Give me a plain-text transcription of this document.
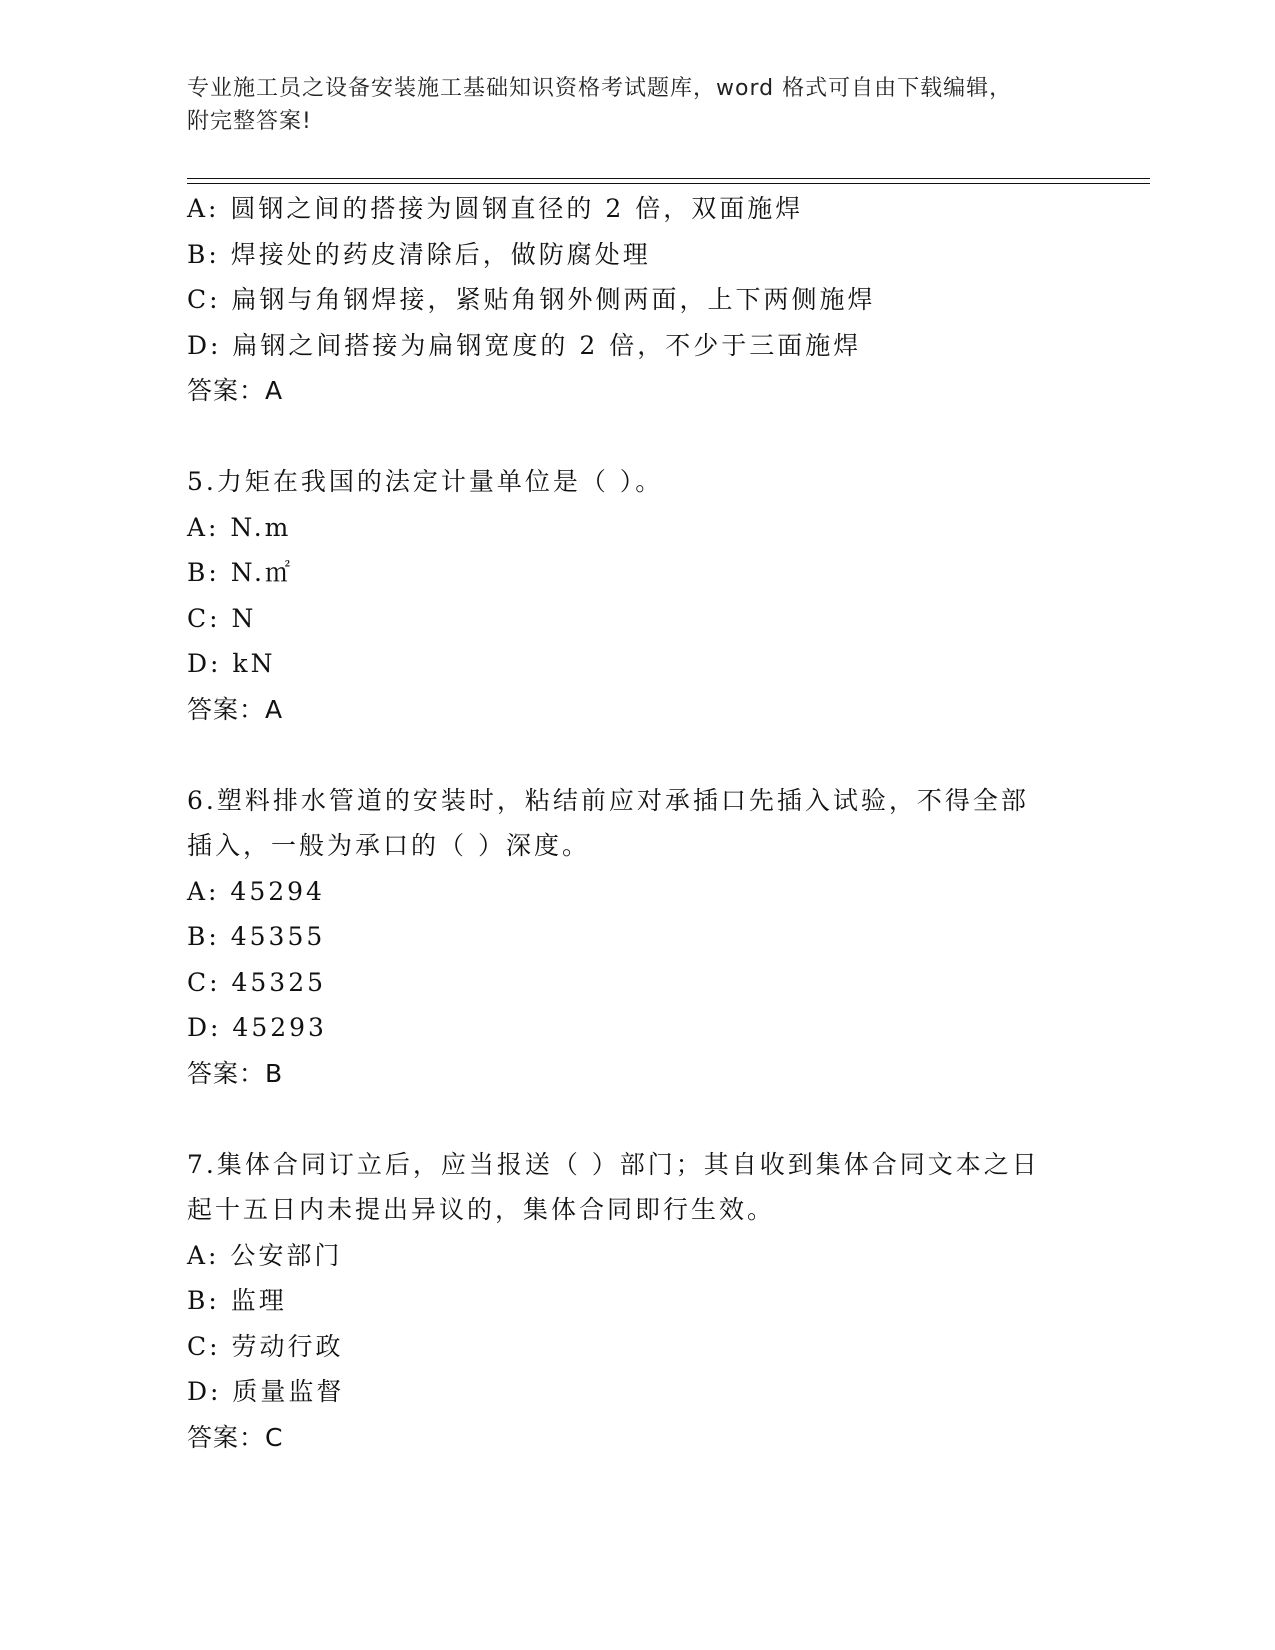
专业施工员之设备安装施工基础知识资格考试题库，word 格式可自由下载编辑，
附完整答案!
A: 圆钢之间的搭接为圆钢直径的 2 倍，双面施焊
B: 焊接处的药皮清除后，做防腐处理
C: 扁钢与角钢焊接，紧贴角钢外侧两面，上下两侧施焊
D: 扁钢之间搭接为扁钢宽度的 2 倍，不少于三面施焊
答案：A
5.力矩在我国的法定计量单位是（ ）。
A: N.m
B: N.㎡
C: N
D: kN
答案：A
6.塑料排水管道的安装时，粘结前应对承插口先插入试验，不得全部
插入，一般为承口的（ ）深度。
A: 45294
B: 45355
C: 45325
D: 45293
答案：B
7.集体合同订立后，应当报送（ ）部门；其自收到集体合同文本之日
起十五日内未提出异议的，集体合同即行生效。
A: 公安部门
B: 监理
C: 劳动行政
D: 质量监督
答案：C
